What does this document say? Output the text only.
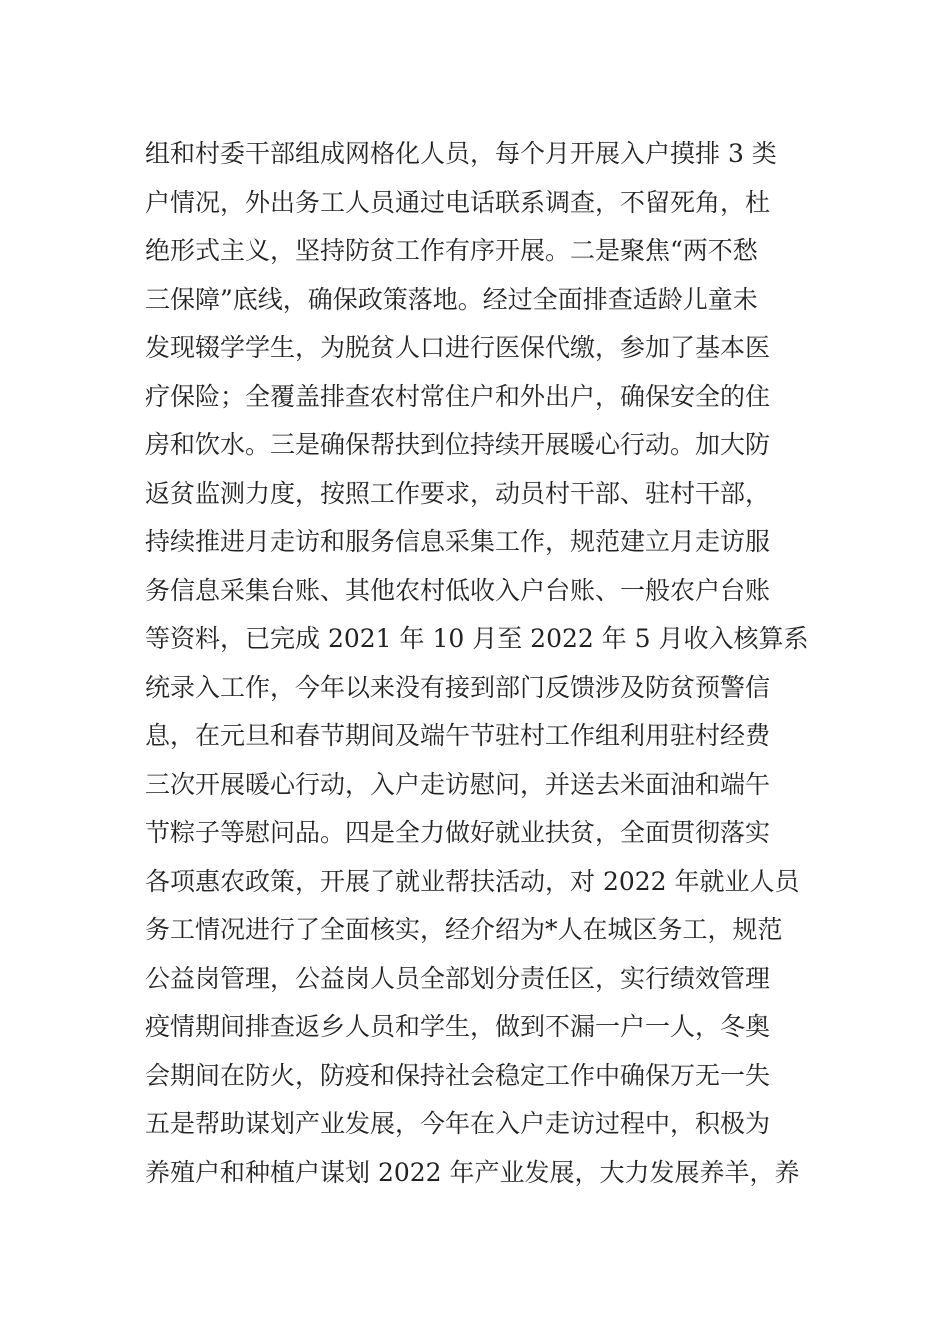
组和村委干部组成网格化人员，每个月开展入户摸排 3 类
户情况，外出务工人员通过电话联系调查，不留死角，杜
绝形式主义，坚持防贫工作有序开展。二是聚焦“两不愁
三保障”底线，确保政策落地。经过全面排查适龄儿童未
发现辍学学生，为脱贫人口进行医保代缴，参加了基本医
疗保险；全覆盖排查农村常住户和外出户，确保安全的住
房和饮水。三是确保帮扶到位持续开展暖心行动。加大防
返贫监测力度，按照工作要求，动员村干部、驻村干部，
持续推进月走访和服务信息采集工作，规范建立月走访服
务信息采集台账、其他农村低收入户台账、一般农户台账
等资料，已完成 2021 年 10 月至 2022 年 5 月收入核算系
统录入工作，今年以来没有接到部门反馈涉及防贫预警信
息，在元旦和春节期间及端午节驻村工作组利用驻村经费
三次开展暖心行动，入户走访慰问，并送去米面油和端午
节粽子等慰问品。四是全力做好就业扶贫，全面贯彻落实
各项惠农政策，开展了就业帮扶活动，对 2022 年就业人员
务工情况进行了全面核实，经介绍为*人在城区务工，规范
公益岗管理，公益岗人员全部划分责任区，实行绩效管理
疫情期间排查返乡人员和学生，做到不漏一户一人，冬奥
会期间在防火，防疫和保持社会稳定工作中确保万无一失
五是帮助谋划产业发展，今年在入户走访过程中，积极为
养殖户和种植户谋划 2022 年产业发展，大力发展养羊，养
